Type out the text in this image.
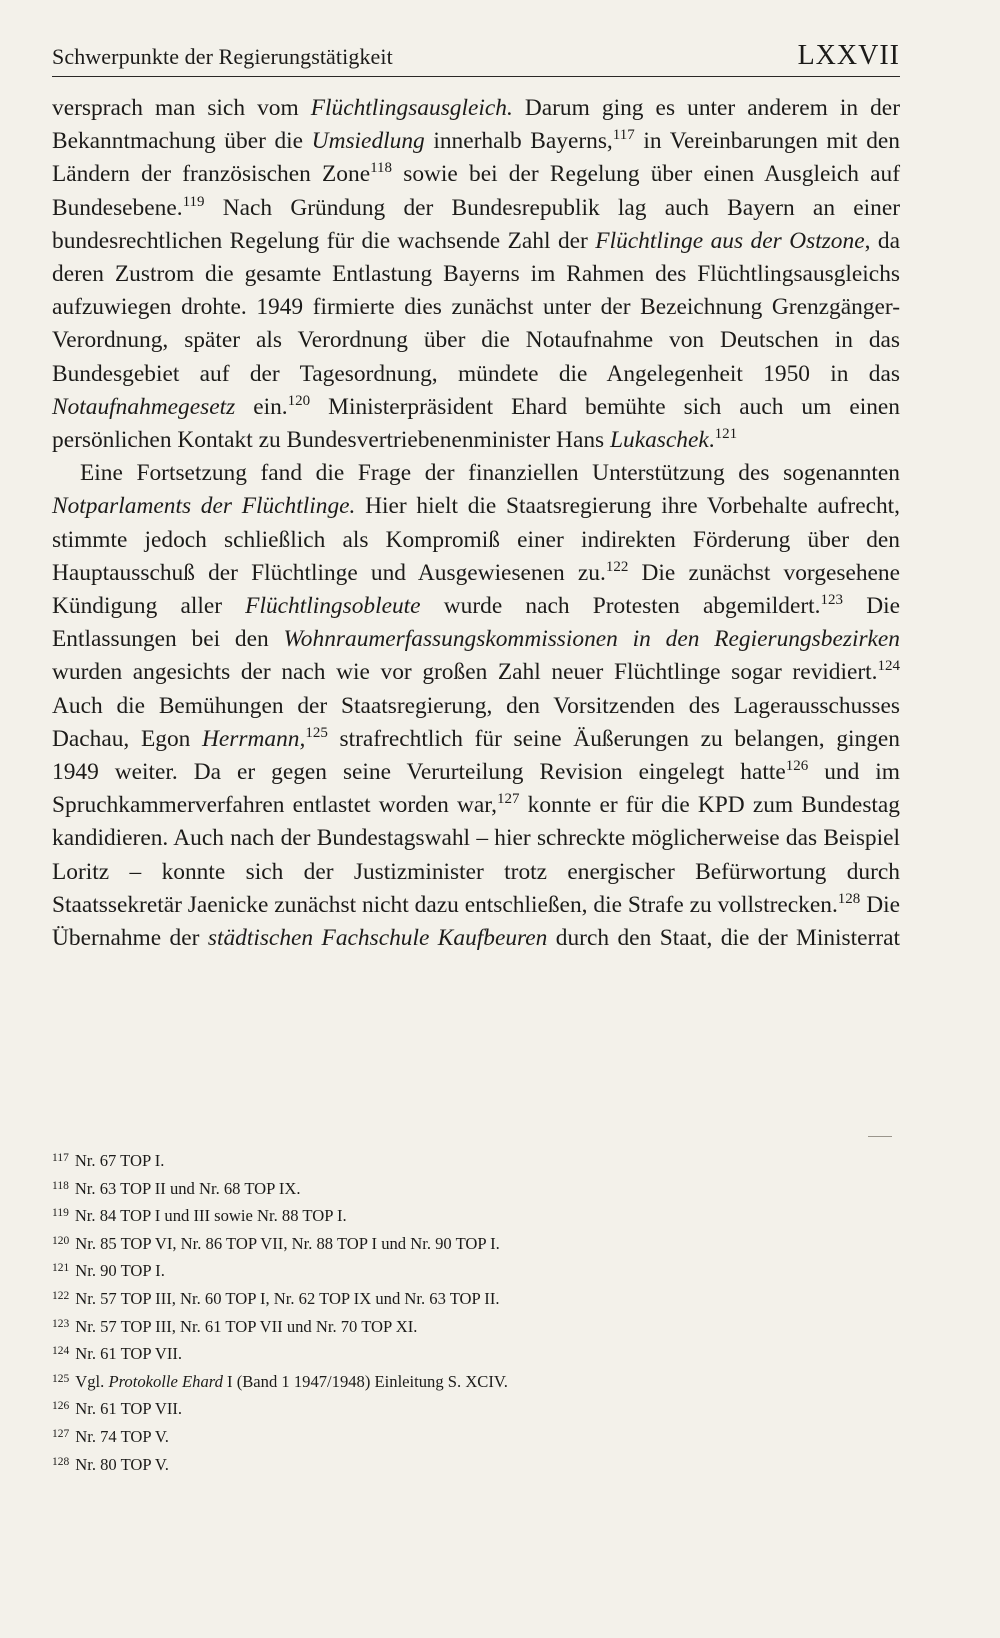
Schwerpunkte der Regierungstätigkeit	LXXVII

versprach man sich vom Flüchtlingsausgleich. Darum ging es unter anderem in der Bekanntmachung über die Umsiedlung innerhalb Bayerns,$^{117}$ in Vereinbarungen mit den Ländern der französischen Zone$^{118}$ sowie bei der Regelung über einen Ausgleich auf Bundesebene.$^{119}$ Nach Gründung der Bundesrepublik lag auch Bayern an einer bundesrechtlichen Regelung für die wachsende Zahl der Flüchtlinge aus der Ostzone, da deren Zustrom die gesamte Entlastung Bayerns im Rahmen des Flüchtlingsausgleichs aufzuwiegen drohte. 1949 firmierte dies zunächst unter der Bezeichnung Grenzgänger-Verordnung, später als Verordnung über die Notaufnahme von Deutschen in das Bundesgebiet auf der Tagesordnung, mündete die Angelegenheit 1950 in das Notaufnahmegesetz ein.$^{120}$ Ministerpräsident Ehard bemühte sich auch um einen persönlichen Kontakt zu Bundesvertriebenenminister Hans Lukaschek.$^{121}$

Eine Fortsetzung fand die Frage der finanziellen Unterstützung des sogenannten Notparlaments der Flüchtlinge. Hier hielt die Staatsregierung ihre Vorbehalte aufrecht, stimmte jedoch schließlich als Kompromiß einer indirekten Förderung über den Hauptausschuß der Flüchtlinge und Ausgewiesenen zu.$^{122}$ Die zunächst vorgesehene Kündigung aller Flüchtlingsobleute wurde nach Protesten abgemildert.$^{123}$ Die Entlassungen bei den Wohnraumerfassungskommissionen in den Regierungsbezirken wurden angesichts der nach wie vor großen Zahl neuer Flüchtlinge sogar revidiert.$^{124}$ Auch die Bemühungen der Staatsregierung, den Vorsitzenden des Lagerausschusses Dachau, Egon Herrmann,$^{125}$ strafrechtlich für seine Äußerungen zu belangen, gingen 1949 weiter. Da er gegen seine Verurteilung Revision eingelegt hatte$^{126}$ und im Spruchkammerverfahren entlastet worden war,$^{127}$ konnte er für die KPD zum Bundestag kandidieren. Auch nach der Bundestagswahl – hier schreckte möglicherweise das Beispiel Loritz – konnte sich der Justizminister trotz energischer Befürwortung durch Staatssekretär Jaenicke zunächst nicht dazu entschließen, die Strafe zu vollstrecken.$^{128}$ Die Übernahme der städtischen Fachschule Kaufbeuren durch den Staat, die der Ministerrat

$^{117}$ Nr. 67 TOP I.
$^{118}$ Nr. 63 TOP II und Nr. 68 TOP IX.
$^{119}$ Nr. 84 TOP I und III sowie Nr. 88 TOP I.
$^{120}$ Nr. 85 TOP VI, Nr. 86 TOP VII, Nr. 88 TOP I und Nr. 90 TOP I.
$^{121}$ Nr. 90 TOP I.
$^{122}$ Nr. 57 TOP III, Nr. 60 TOP I, Nr. 62 TOP IX und Nr. 63 TOP II.
$^{123}$ Nr. 57 TOP III, Nr. 61 TOP VII und Nr. 70 TOP XI.
$^{124}$ Nr. 61 TOP VII.
$^{125}$ Vgl. Protokolle Ehard I (Band 1 1947/1948) Einleitung S. XCIV.
$^{126}$ Nr. 61 TOP VII.
$^{127}$ Nr. 74 TOP V.
$^{128}$ Nr. 80 TOP V.
